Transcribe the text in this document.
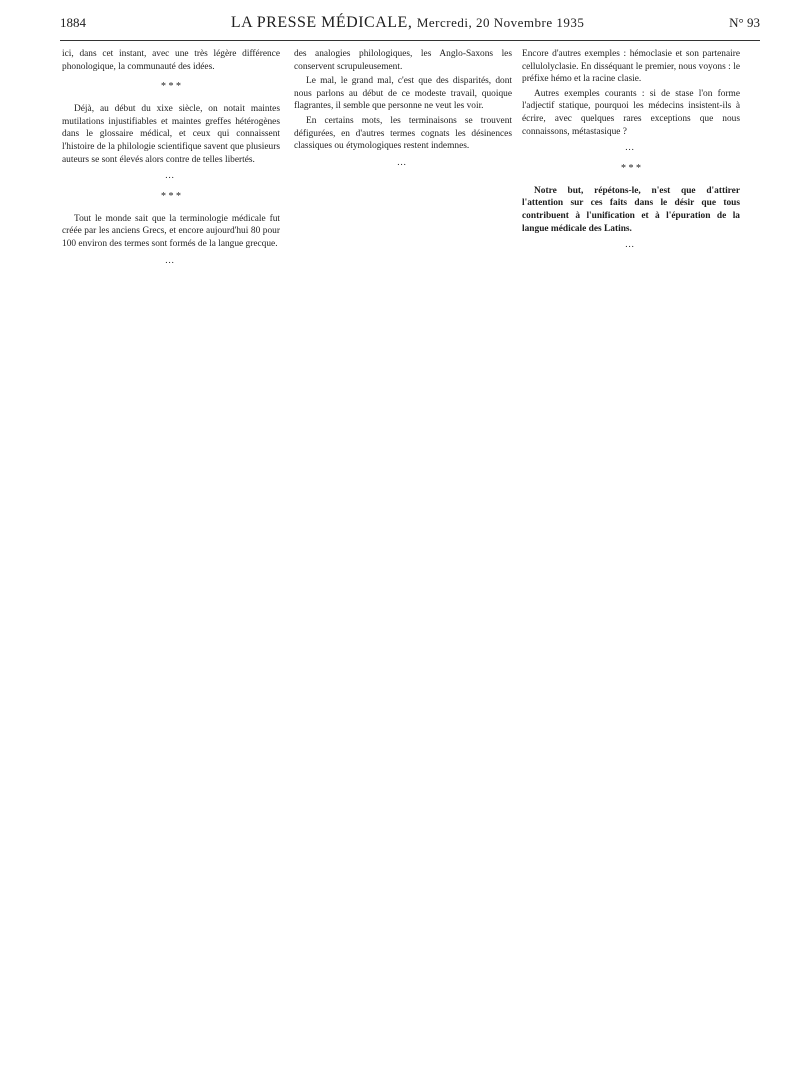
1884	LA PRESSE MÉDICALE, Mercredi, 20 Novembre 1935	N° 93

ici, dans cet instant, avec une très légère différence phonologique, la communauté des idées.

* * *

Déjà, au début du xixe siècle, on notait maintes mutilations injustifiables et maintes greffes hétérogènes dans le glossaire médical, et ceux qui connaissent l'histoire de la philologie scientifique savent que plusieurs auteurs se sont élevés alors contre de telles libertés.

…
* * *

Tout le monde sait que la terminologie médicale fut créée par les anciens Grecs, et encore aujourd'hui 80 pour 100 environ des termes sont formés de la langue grecque.

…

des analogies philologiques, les Anglo-Saxons les conservent scrupuleusement.

Le mal, le grand mal, c'est que des disparités, dont nous parlons au début de ce modeste travail, quoique flagrantes, il semble que personne ne veut les voir.

En certains mots, les terminaisons se trouvent défigurées, en d'autres termes cognats les désinences classiques ou étymologiques restent indemnes.

…

Encore d'autres exemples : hémoclasie et son partenaire cellulolyclasie. En disséquant le premier, nous voyons : le préfixe hémo et la racine clasie.

Autres exemples courants : si de stase l'on forme l'adjectif statique, pourquoi les médecins insistent-ils à écrire, avec quelques rares exceptions que nous connaissons, métastasique ?

…
* * *

Notre but, répétons-le, n'est que d'attirer l'attention sur ces faits dans le désir que tous contribuent à l'unification et à l'épuration de la langue médicale des Latins.

…
